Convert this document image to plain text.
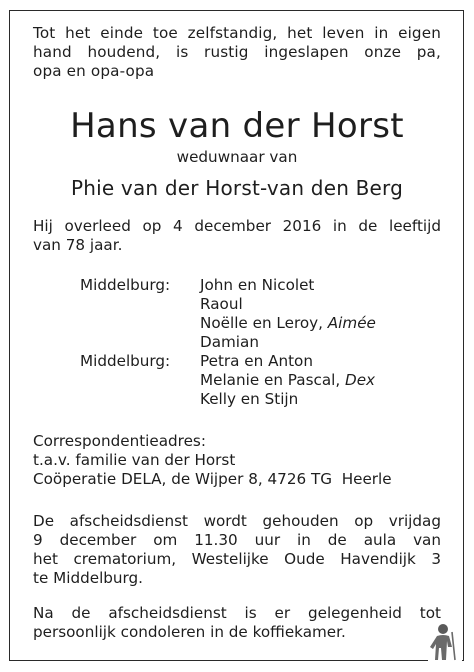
Tot het einde toe zelfstandig, het leven in eigen
hand houdend, is rustig ingeslapen onze pa,
opa en opa-opa
Hans van der Horst
weduwnaar van
Phie van der Horst-van den Berg
Hij overleed op 4 december 2016 in de leeftijd
van 78 jaar.
Middelburg: John en Nicolet
Raoul
Noëlle en Leroy, Aimée
Damian
Middelburg: Petra en Anton
Melanie en Pascal, Dex
Kelly en Stijn
Correspondentieadres:
t.a.v. familie van der Horst
Coöperatie DELA, de Wijper 8, 4726 TG  Heerle
De afscheidsdienst wordt gehouden op vrijdag
9 december om 11.30 uur in de aula van
het crematorium, Westelijke Oude Havendijk 3
te Middelburg.
Na de afscheidsdienst is er gelegenheid tot
persoonlijk condoleren in de koffiekamer.
